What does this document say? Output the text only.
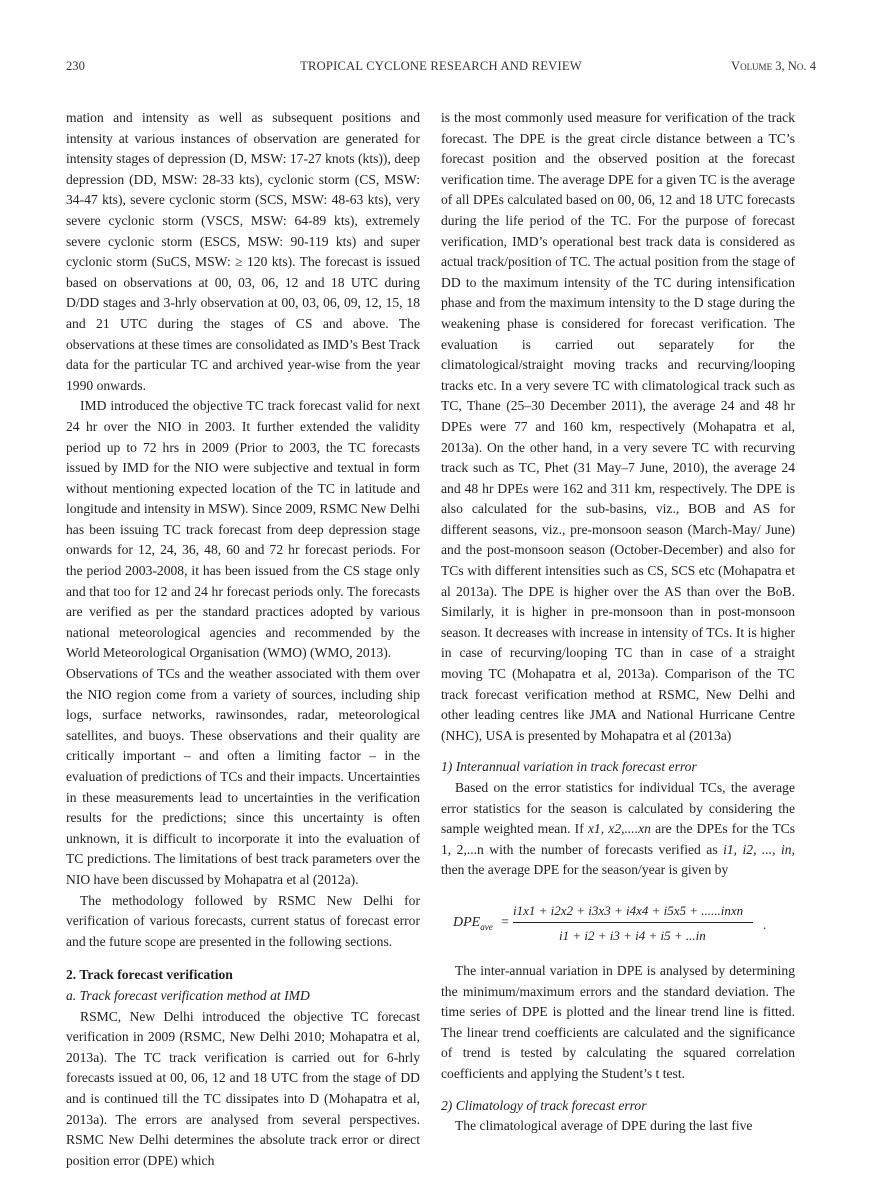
230	TROPICAL CYCLONE RESEARCH AND REVIEW	Volume 3, No. 4

mation and intensity as well as subsequent positions and intensity at various instances of observation are generated for intensity stages of depression (D, MSW: 17-27 knots (kts)), deep depression (DD, MSW: 28-33 kts), cyclonic storm (CS, MSW: 34-47 kts), severe cyclonic storm (SCS, MSW: 48-63 kts), very severe cyclonic storm (VSCS, MSW: 64-89 kts), extremely severe cyclonic storm (ESCS, MSW: 90-119 kts) and super cyclonic storm (SuCS, MSW: ≥ 120 kts). The forecast is issued based on observations at 00, 03, 06, 12 and 18 UTC during D/DD stages and 3-hrly observation at 00, 03, 06, 09, 12, 15, 18 and 21 UTC during the stages of CS and above. The observations at these times are consolidated as IMD’s Best Track data for the particular TC and archived year-wise from the year 1990 onwards.

IMD introduced the objective TC track forecast valid for next 24 hr over the NIO in 2003. It further extended the validity period up to 72 hrs in 2009 (Prior to 2003, the TC forecasts issued by IMD for the NIO were subjective and textual in form without mentioning expected location of the TC in latitude and longitude and intensity in MSW). Since 2009, RSMC New Delhi has been issuing TC track forecast from deep depression stage onwards for 12, 24, 36, 48, 60 and 72 hr forecast periods. For the period 2003-2008, it has been issued from the CS stage only and that too for 12 and 24 hr forecast periods only. The forecasts are verified as per the standard practices adopted by various national meteorological agencies and recommended by the World Meteorological Organisation (WMO) (WMO, 2013).

Observations of TCs and the weather associated with them over the NIO region come from a variety of sources, including ship logs, surface networks, rawinsondes, radar, meteorological satellites, and buoys. These observations and their quality are critically important – and often a limiting factor – in the evaluation of predictions of TCs and their impacts. Uncertainties in these measurements lead to uncertainties in the verification results for the predictions; since this uncertainty is often unknown, it is difficult to incorporate it into the evaluation of TC predictions. The limitations of best track parameters over the NIO have been discussed by Mohapatra et al (2012a).

The methodology followed by RSMC New Delhi for verification of various forecasts, current status of forecast error and the future scope are presented in the following sections.

2. Track forecast verification

a. Track forecast verification method at IMD

RSMC, New Delhi introduced the objective TC forecast verification in 2009 (RSMC, New Delhi 2010; Mohapatra et al, 2013a). The TC track verification is carried out for 6-hrly forecasts issued at 00, 06, 12 and 18 UTC from the stage of DD and is continued till the TC dissipates into D (Mohapatra et al, 2013a). The errors are analysed from several perspectives. RSMC New Delhi determines the absolute track error or direct position error (DPE) which

is the most commonly used measure for verification of the track forecast. The DPE is the great circle distance between a TC’s forecast position and the observed position at the forecast verification time. The average DPE for a given TC is the average of all DPEs calculated based on 00, 06, 12 and 18 UTC forecasts during the life period of the TC. For the purpose of forecast verification, IMD’s operational best track data is considered as actual track/position of TC. The actual position from the stage of DD to the maximum intensity of the TC during intensification phase and from the maximum intensity to the D stage during the weakening phase is considered for forecast verification. The evaluation is carried out separately for the climatological/straight moving tracks and recurving/looping tracks etc. In a very severe TC with climatological track such as TC, Thane (25–30 December 2011), the average 24 and 48 hr DPEs were 77 and 160 km, respectively (Mohapatra et al, 2013a). On the other hand, in a very severe TC with recurving track such as TC, Phet (31 May–7 June, 2010), the average 24 and 48 hr DPEs were 162 and 311 km, respectively. The DPE is also calculated for the sub-basins, viz., BOB and AS for different seasons, viz., pre-monsoon season (March-May/ June) and the post-monsoon season (October-December) and also for TCs with different intensities such as CS, SCS etc (Mohapatra et al 2013a). The DPE is higher over the AS than over the BoB. Similarly, it is higher in pre-monsoon than in post-monsoon season. It decreases with increase in intensity of TCs. It is higher in case of recurving/looping TC than in case of a straight moving TC (Mohapatra et al, 2013a). Comparison of the TC track forecast verification method at RSMC, New Delhi and other leading centres like JMA and National Hurricane Centre (NHC), USA is presented by Mohapatra et al (2013a)

1) Interannual variation in track forecast error

Based on the error statistics for individual TCs, the average error statistics for the season is calculated by considering the sample weighted mean. If x1, x2,....xn are the DPEs for the TCs 1, 2,...n with the number of forecasts verified as i1, i2, ..., in, then the average DPE for the season/year is given by

$DPE_{ave}$ =
i1x1 + i2x2 + i3x3 + i4x4 + i5x5 + ......inxn
i1 + i2 + i3 + i4 + i5 + ...in
.

The inter-annual variation in DPE is analysed by determining the minimum/maximum errors and the standard deviation. The time series of DPE is plotted and the linear trend line is fitted. The linear trend coefficients are calculated and the significance of trend is tested by calculating the squared correlation coefficients and applying the Student’s t test.

2) Climatology of track forecast error

The climatological average of DPE during the last five
